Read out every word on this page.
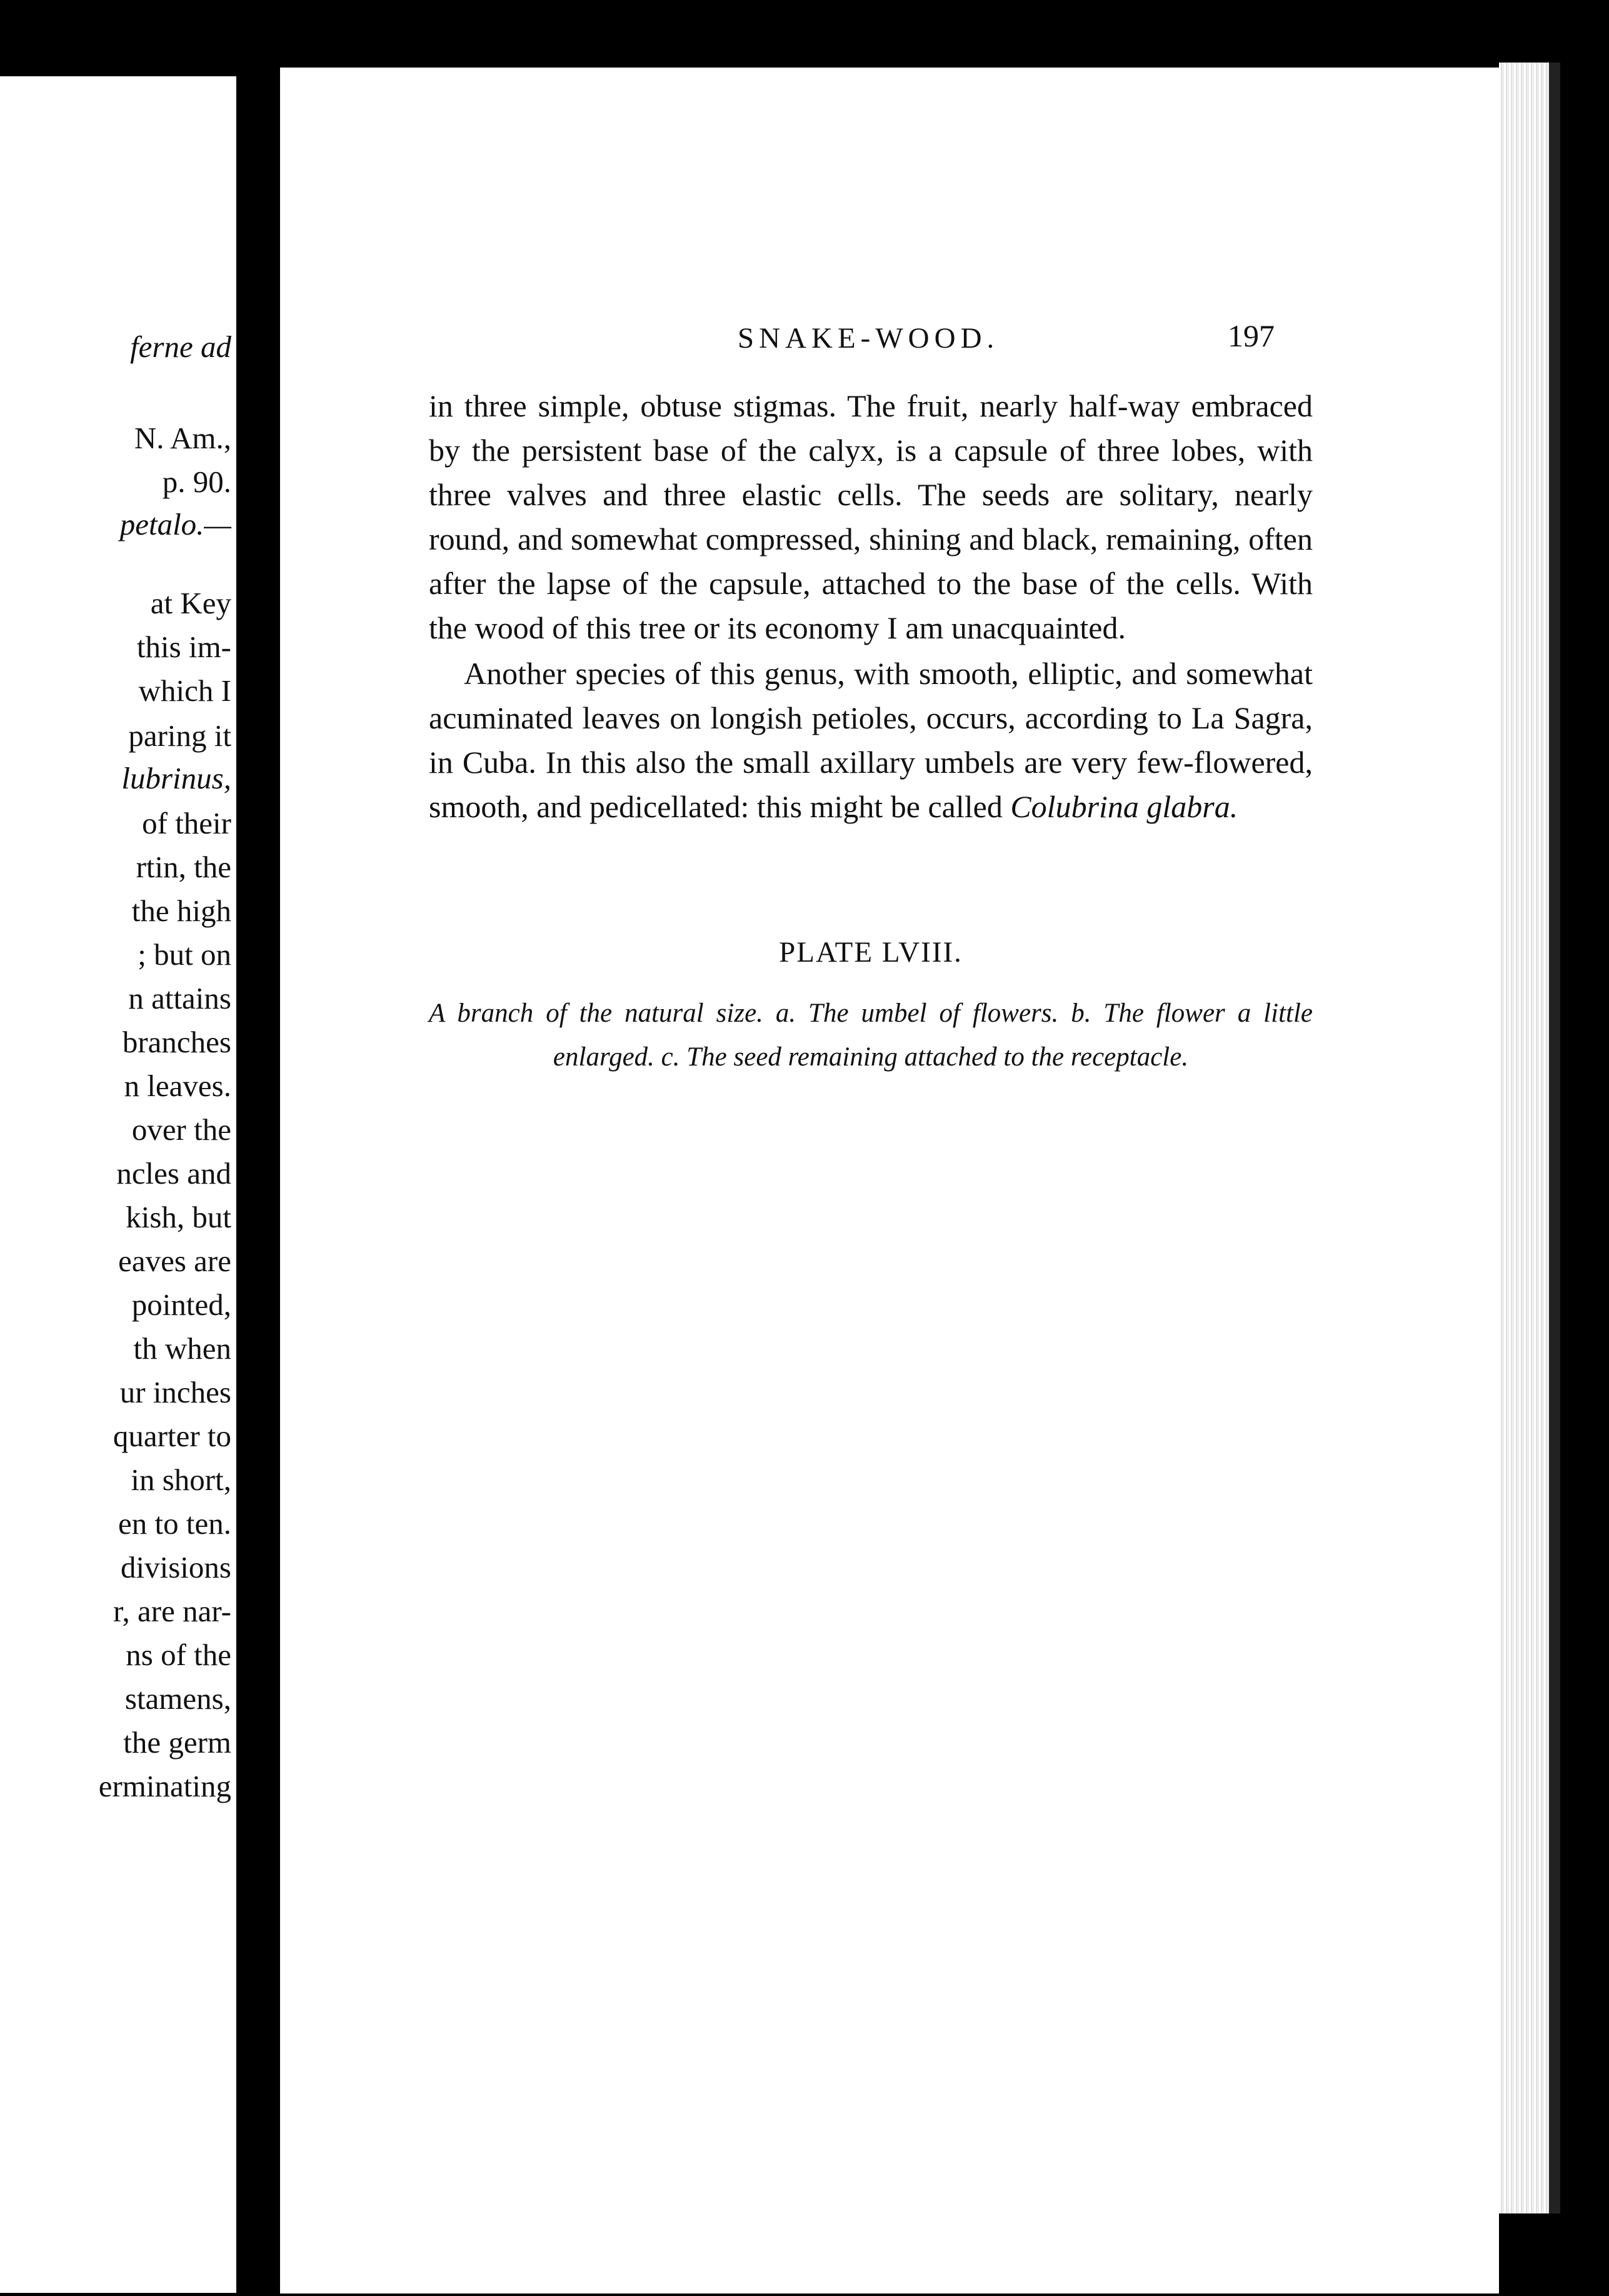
ferne ad
N. Am.,
p. 90.
petalo.—
at Key
this im-
which I
paring it
lubrinus,
of their
rtin, the
the high
; but on
n attains
branches
n leaves.
over the
ncles and
kish, but
eaves are
pointed,
th when
ur inches
quarter to
in short,
en to ten.
divisions
r, are nar-
ns of the
stamens,
the germ
erminating
SNAKE-WOOD.	197

in three simple, obtuse stigmas. The fruit, nearly half-way embraced by the persistent base of the calyx, is a capsule of three lobes, with three valves and three elastic cells. The seeds are solitary, nearly round, and somewhat compressed, shining and black, remaining, often after the lapse of the capsule, attached to the base of the cells. With the wood of this tree or its economy I am unacquainted.

Another species of this genus, with smooth, elliptic, and somewhat acuminated leaves on longish petioles, occurs, according to La Sagra, in Cuba. In this also the small axillary umbels are very few-flowered, smooth, and pedicellated: this might be called Colubrina glabra.

PLATE LVIII.
A branch of the natural size. a. The umbel of flowers. b. The flower a little enlarged. c. The seed remaining attached to the receptacle.
